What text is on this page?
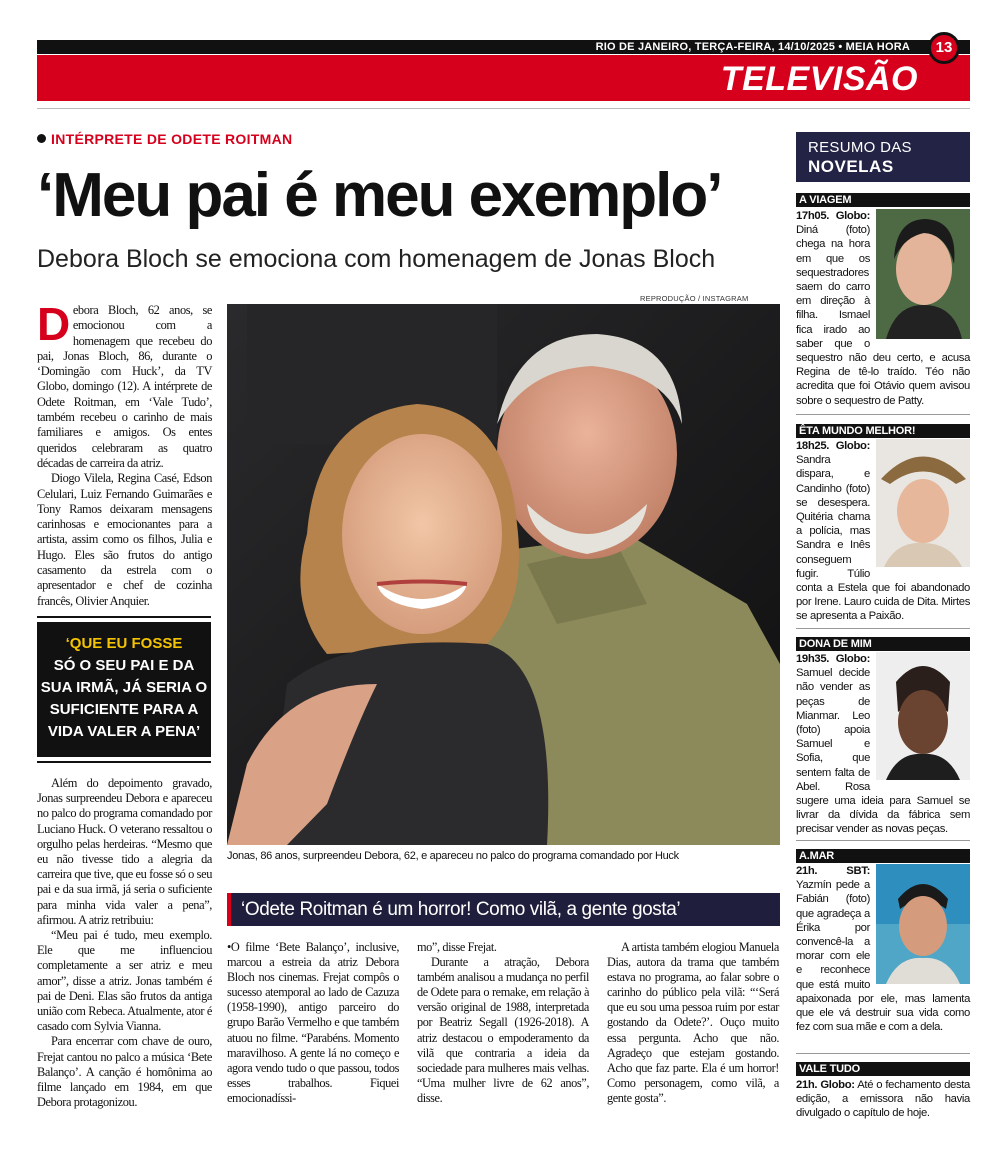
RIO DE JANEIRO, TERÇA-FEIRA, 14/10/2025 • MEIA HORA	13
TELEVISÃO
INTÉRPRETE DE ODETE ROITMAN
‘Meu pai é meu exemplo’
Debora Bloch se emociona com homenagem de Jonas Bloch

Debora Bloch, 62 anos, se emocionou com a homenagem que recebeu do pai, Jonas Bloch, 86, durante o ‘Domingão com Huck’, da TV Globo, domingo (12). A intérprete de Odete Roitman, em ‘Vale Tudo’, também recebeu o carinho de mais familiares e amigos. Os entes queridos celebraram as quatro décadas de carreira da atriz.

Diogo Vilela, Regina Casé, Edson Celulari, Luiz Fernando Guimarães e Tony Ramos deixaram mensagens carinhosas e emocionantes para a artista, assim como os filhos, Julia e Hugo. Eles são frutos do antigo casamento da estrela com o apresentador e chef de cozinha francês, Olivier Anquier.

‘QUE EU FOSSE
SÓ O SEU PAI E DA SUA IRMÃ, JÁ SERIA O SUFICIENTE PARA A VIDA VALER A PENA’

Além do depoimento gravado, Jonas surpreendeu Debora e apareceu no palco do programa comandado por Luciano Huck. O veterano ressaltou o orgulho pelas herdeiras. “Mesmo que eu não tivesse tido a alegria da carreira que tive, que eu fosse só o seu pai e da sua irmã, já seria o suficiente para minha vida valer a pena”, afirmou. A atriz retribuiu:

“Meu pai é tudo, meu exemplo. Ele que me influenciou completamente a ser atriz e meu amor”, disse a atriz. Jonas também é pai de Deni. Elas são frutos da antiga união com Rebeca. Atualmente, ator é casado com Sylvia Vianna.

Para encerrar com chave de ouro, Frejat cantou no palco a música ‘Bete Balanço’. A canção é homônima ao filme lançado em 1984, em que Debora protagonizou.

REPRODUÇÃO / INSTAGRAM
Jonas, 86 anos, surpreendeu Debora, 62, e apareceu no palco do programa comandado por Huck
‘Odete Roitman é um horror! Como vilã, a gente gosta’

•O filme ‘Bete Balanço’, inclusive, marcou a estreia da atriz Debora Bloch nos cinemas. Frejat compôs o sucesso atemporal ao lado de Cazuza (1958-1990), antigo parceiro do grupo Barão Vermelho e que também atuou no filme. “Parabéns. Momento maravilhoso. A gente lá no começo e agora vendo tudo o que passou, todos esses trabalhos. Fiquei emocionadíssi-

mo”, disse Frejat.

Durante a atração, Debora também analisou a mudança no perfil de Odete para o remake, em relação à versão original de 1988, interpretada por Beatriz Segall (1926-2018). A atriz destacou o empoderamento da vilã que contraria a ideia da sociedade para mulheres mais velhas. “Uma mulher livre de 62 anos”, disse.

A artista também elogiou Manuela Dias, autora da trama que também estava no programa, ao falar sobre o carinho do público pela vilã: “‘Será que eu sou uma pessoa ruim por estar gostando da Odete?’. Ouço muito essa pergunta. Acho que não. Agradeço que estejam gostando. Acho que faz parte. Ela é um horror! Como personagem, como vilã, a gente gosta”.

RESUMO DAS
NOVELAS
A VIAGEM
17h05. Globo: Diná (foto) chega na hora em que os sequestradores saem do carro em direção à filha. Ismael fica irado ao saber que o sequestro não deu certo, e acusa Regina de tê-lo traído. Téo não acredita que foi Otávio quem avisou sobre o sequestro de Patty.
ÊTA MUNDO MELHOR!
18h25. Globo: Sandra dispara, e Candinho (foto) se desespera. Quitéria chama a polícia, mas Sandra e Inês conseguem fugir. Túlio conta a Estela que foi abandonado por Irene. Lauro cuida de Dita. Mirtes se apresenta a Paixão.
DONA DE MIM
19h35. Globo: Samuel decide não vender as peças de Mianmar. Leo (foto) apoia Samuel e Sofia, que sentem falta de Abel. Rosa sugere uma ideia para Samuel se livrar da dívida da fábrica sem precisar vender as novas peças.
A.MAR
21h. SBT: Yazmín pede a Fabián (foto) que agradeça a Érika por convencê-la a morar com ele e reconhece que está muito apaixonada por ele, mas lamenta que ele vá destruir sua vida como fez com sua mãe e com a dela.
VALE TUDO
21h. Globo: Até o fechamento desta edição, a emissora não havia divulgado o capítulo de hoje.
